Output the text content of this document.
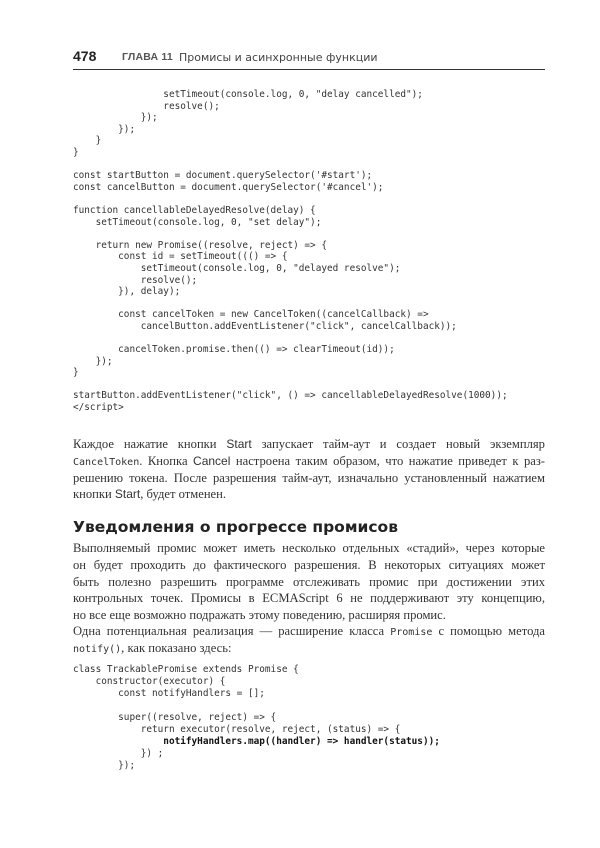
478 ГЛАВА 11 Промисы и асинхронные функции
setTimeout(console.log, 0, "delay cancelled");
resolve();
});
});
}
}
const startButton = document.querySelector('#start');
const cancelButton = document.querySelector('#cancel');
function cancellableDelayedResolve(delay) {
setTimeout(console.log, 0, "set delay");
return new Promise((resolve, reject) => {
const id = setTimeout((() => {
setTimeout(console.log, 0, "delayed resolve");
resolve();
}), delay);
const cancelToken = new CancelToken((cancelCallback) =>
cancelButton.addEventListener("click", cancelCallback));
cancelToken.promise.then(() => clearTimeout(id));
});
}
startButton.addEventListener("click", () => cancellableDelayedResolve(1000));
</script>
Каждое нажатие кнопки Start запускает тайм-аут и создает новый экземпляр
CancelToken. Кнопка Cancel настроена таким образом, что нажатие приведет к раз-
решению токена. После разрешения тайм-аут, изначально установленный нажатием
кнопки Start, будет отменен.
Уведомления о прогрессе промисов
Выполняемый промис может иметь несколько отдельных «стадий», через которые
он будет проходить до фактического разрешения. В некоторых ситуациях может
быть полезно разрешить программе отслеживать промис при достижении этих
контрольных точек. Промисы в ECMAScript 6 не поддерживают эту концепцию,
но все еще возможно подражать этому поведению, расширяя промис.
Одна потенциальная реализация — расширение класса Promise с помощью метода
notify(), как показано здесь:
class TrackablePromise extends Promise {
constructor(executor) {
const notifyHandlers = [];
super((resolve, reject) => {
return executor(resolve, reject, (status) => {
notifyHandlers.map((handler) => handler(status));
}) ;
});
